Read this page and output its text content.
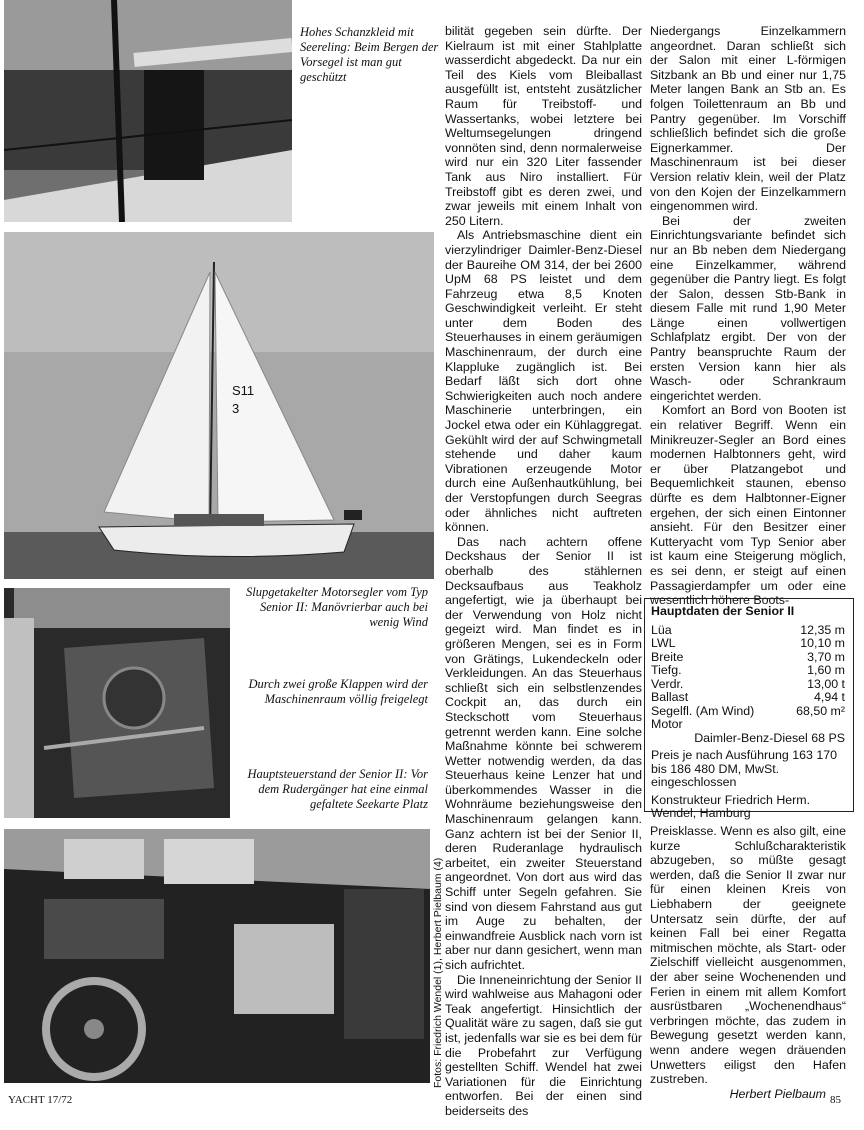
Hohes Schanzkleid mit Seereling: Beim Bergen der Vorsegel ist man gut geschützt
S11 3
Slupgetakelter Motorsegler vom Typ Senior II: Manövrierbar auch bei wenig Wind
Durch zwei große Klappen wird der Maschinenraum völlig freigelegt
Hauptsteuerstand der Senior II: Vor dem Rudergänger hat eine einmal gefaltete Seekarte Platz
Fotos: Friedrich Wendel (1), Herbert Pielbaum (4)

bilität gegeben sein dürfte. Der Kielraum ist mit einer Stahlplatte wasserdicht abgedeckt. Da nur ein Teil des Kiels vom Bleiballast ausgefüllt ist, entsteht zusätzlicher Raum für Treibstoff- und Wassertanks, wobei letztere bei Weltumsegelungen dringend vonnöten sind, denn normalerweise wird nur ein 320 Liter fassender Tank aus Niro installiert. Für Treibstoff gibt es deren zwei, und zwar jeweils mit einem Inhalt von 250 Litern.

Als Antriebsmaschine dient ein vierzylindriger Daimler-Benz-Diesel der Baureihe OM 314, der bei 2600 UpM 68 PS leistet und dem Fahrzeug etwa 8,5 Knoten Geschwindigkeit verleiht. Er steht unter dem Boden des Steuerhauses in einem geräumigen Maschinenraum, der durch eine Klappluke zugänglich ist. Bei Bedarf läßt sich dort ohne Schwierigkeiten auch noch andere Maschinerie unterbringen, ein Jockel etwa oder ein Kühlaggregat. Gekühlt wird der auf Schwingmetall stehende und daher kaum Vibrationen erzeugende Motor durch eine Außenhautkühlung, bei der Verstopfungen durch Seegras oder ähnliches nicht auftreten können.

Das nach achtern offene Deckshaus der Senior II ist oberhalb des stählernen Decksaufbaus aus Teakholz angefertigt, wie ja überhaupt bei der Verwendung von Holz nicht gegeizt wird. Man findet es in größeren Mengen, sei es in Form von Grätings, Lukendeckeln oder Verkleidungen. An das Steuerhaus schließt sich ein selbstlenzendes Cockpit an, das durch ein Steckschott vom Steuerhaus getrennt werden kann. Eine solche Maßnahme könnte bei schwerem Wetter notwendig werden, da das Steuerhaus keine Lenzer hat und überkommendes Wasser in die Wohnräume beziehungsweise den Maschinenraum gelangen kann. Ganz achtern ist bei der Senior II, deren Ruderanlage hydraulisch arbeitet, ein zweiter Steuerstand angeordnet. Von dort aus wird das Schiff unter Segeln gefahren. Sie sind von diesem Fahrstand aus gut im Auge zu behalten, der einwandfreie Ausblick nach vorn ist aber nur dann gesichert, wenn man sich aufrichtet.

Die Inneneinrichtung der Senior II wird wahlweise aus Mahagoni oder Teak angefertigt. Hinsichtlich der Qualität wäre zu sagen, daß sie gut ist, jedenfalls war sie es bei dem für die Probefahrt zur Verfügung gestellten Schiff. Wendel hat zwei Variationen für die Einrichtung entworfen. Bei der einen sind beiderseits des

Niedergangs Einzelkammern angeordnet. Daran schließt sich der Salon mit einer L-förmigen Sitzbank an Bb und einer nur 1,75 Meter langen Bank an Stb an. Es folgen Toilettenraum an Bb und Pantry gegenüber. Im Vorschiff schließlich befindet sich die große Eignerkammer. Der Maschinenraum ist bei dieser Version relativ klein, weil der Platz von den Kojen der Einzelkammern eingenommen wird.

Bei der zweiten Einrichtungsvariante befindet sich nur an Bb neben dem Niedergang eine Einzelkammer, während gegenüber die Pantry liegt. Es folgt der Salon, dessen Stb-Bank in diesem Falle mit rund 1,90 Meter Länge einen vollwertigen Schlafplatz ergibt. Der von der Pantry beanspruchte Raum der ersten Version kann hier als Wasch- oder Schrankraum eingerichtet werden.

Komfort an Bord von Booten ist ein relativer Begriff. Wenn ein Minikreuzer-Segler an Bord eines modernen Halbtonners geht, wird er über Platzangebot und Bequemlichkeit staunen, ebenso dürfte es dem Halbtonner-Eigner ergehen, der sich einen Eintonner ansieht. Für den Besitzer einer Kutteryacht vom Typ Senior aber ist kaum eine Steigerung möglich, es sei denn, er steigt auf einen Passagierdampfer um oder eine wesentlich höhere Boots-

Hauptdaten der Senior II
Lüa	12,35 m
LWL	10,10 m
Breite	3,70 m
Tiefg.	1,60 m
Verdr.	13,00 t
Ballast	4,94 t
Segelfl. (Am Wind)	68,50 m²
Motor
Daimler-Benz-Diesel 68 PS
Preis je nach Ausführung 163 170 bis 186 480 DM, MwSt. eingeschlossen
Konstrukteur Friedrich Herm. Wendel, Hamburg

Preisklasse. Wenn es also gilt, eine kurze Schlußcharakteristik abzugeben, so müßte gesagt werden, daß die Senior II zwar nur für einen kleinen Kreis von Liebhabern der geeignete Untersatz sein dürfte, der auf keinen Fall bei einer Regatta mitmischen möchte, als Start- oder Zielschiff vielleicht ausgenommen, der aber seine Wochenenden und Ferien in einem mit allem Komfort ausrüstbaren „Wochenendhaus“ verbringen möchte, das zudem in Bewegung gesetzt werden kann, wenn andere wegen dräuenden Unwetters eiligst den Hafen zustreben.

Herbert Pielbaum
YACHT 17/72	85
